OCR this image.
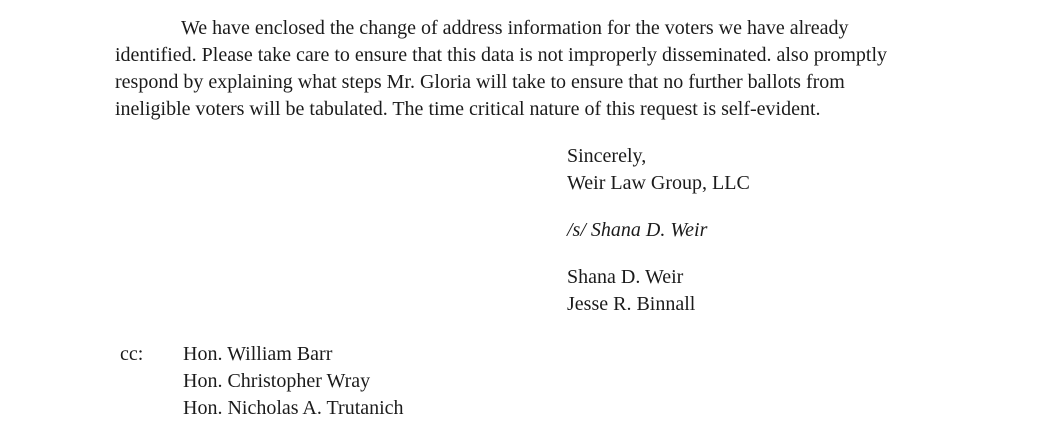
We have enclosed the change of address information for the voters we have already
identified. Please take care to ensure that this data is not improperly disseminated. also promptly
respond by explaining what steps Mr. Gloria will take to ensure that no further ballots from
ineligible voters will be tabulated. The time critical nature of this request is self-evident.
Sincerely,
Weir Law Group, LLC
/s/ Shana D. Weir
Shana D. Weir
Jesse R. Binnall
cc: Hon. William Barr
Hon. Christopher Wray
Hon. Nicholas A. Trutanich
